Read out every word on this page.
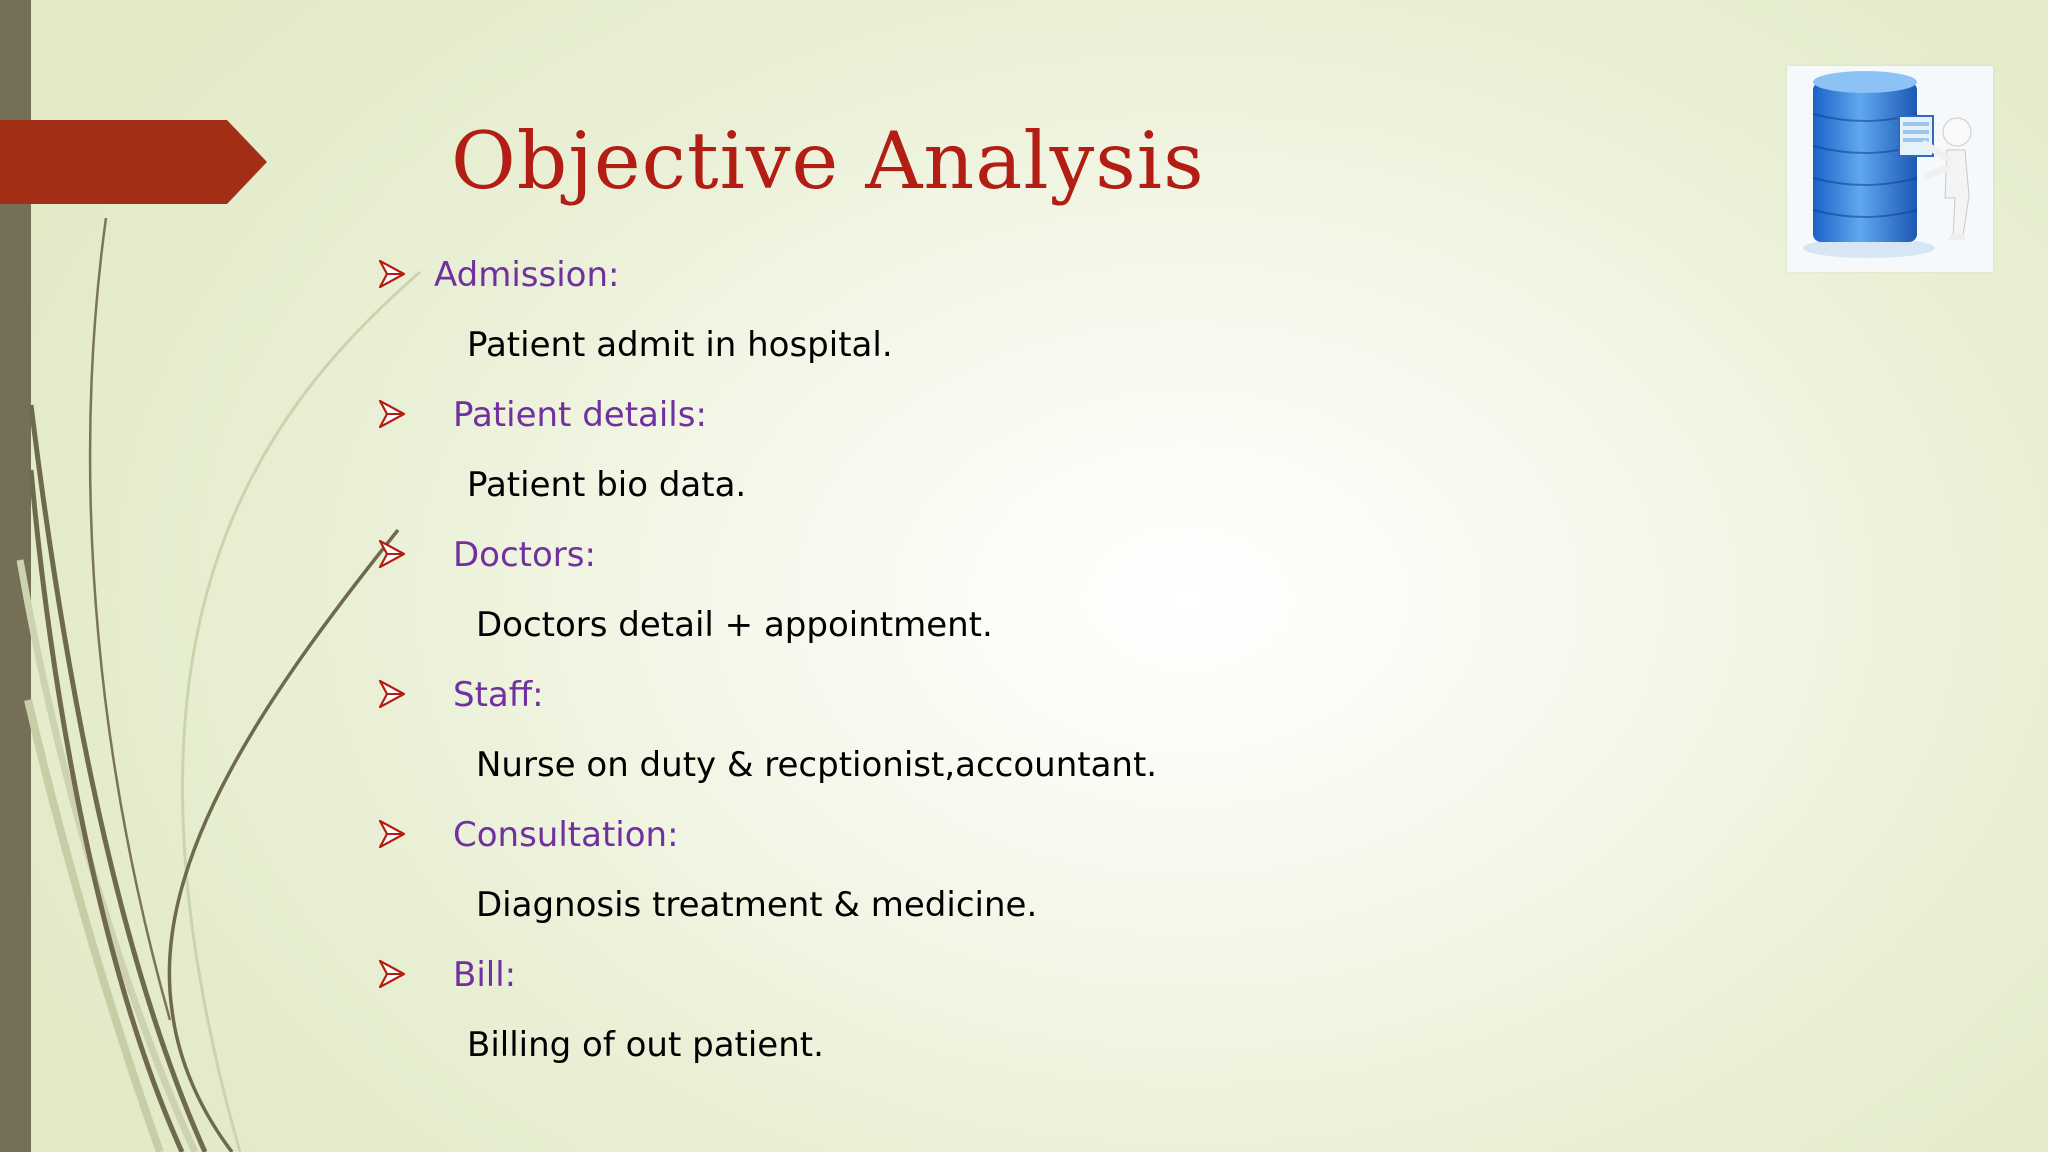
Objective Analysis
Admission:
Patient admit in hospital.
Patient details:
Patient bio data.
Doctors:
Doctors detail + appointment.
Staff:
Nurse on duty & recptionist,accountant.
Consultation:
Diagnosis treatment & medicine.
Bill:
Billing of out patient.
